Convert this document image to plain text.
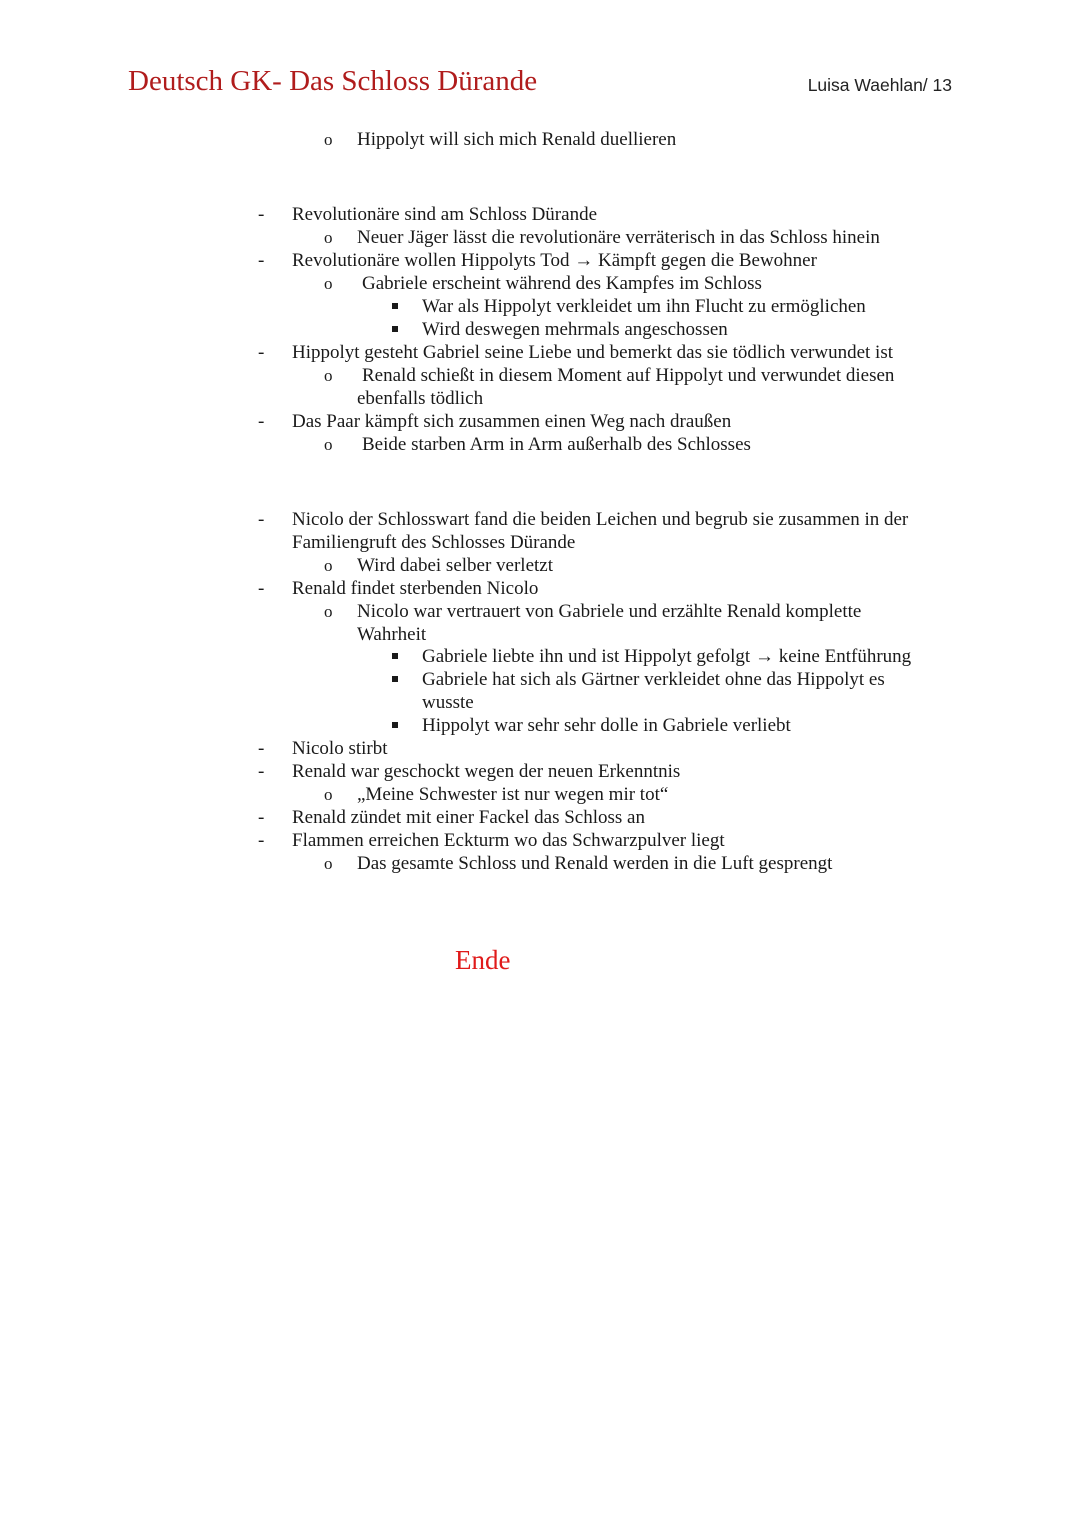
Deutsch GK- Das Schloss Dürande	Luisa Waehlan/ 13
o Hippolyt will sich mich Renald duellieren
- Revolutionäre sind am Schloss Dürande
o Neuer Jäger lässt die revolutionäre verräterisch in das Schloss hinein
- Revolutionäre wollen Hippolyts Tod → Kämpft gegen die Bewohner
o Gabriele erscheint während des Kampfes im Schloss
War als Hippolyt verkleidet um ihn Flucht zu ermöglichen
Wird deswegen mehrmals angeschossen
- Hippolyt gesteht Gabriel seine Liebe und bemerkt das sie tödlich verwundet ist
o Renald schießt in diesem Moment auf Hippolyt und verwundet diesen
ebenfalls tödlich
- Das Paar kämpft sich zusammen einen Weg nach draußen
o Beide starben Arm in Arm außerhalb des Schlosses
- Nicolo der Schlosswart fand die beiden Leichen und begrub sie zusammen in der
Familiengruft des Schlosses Dürande
o Wird dabei selber verletzt
- Renald findet sterbenden Nicolo
o Nicolo war vertrauert von Gabriele und erzählte Renald komplette
Wahrheit
Gabriele liebte ihn und ist Hippolyt gefolgt → keine Entführung
Gabriele hat sich als Gärtner verkleidet ohne das Hippolyt es
wusste
Hippolyt war sehr sehr dolle in Gabriele verliebt
- Nicolo stirbt
- Renald war geschockt wegen der neuen Erkenntnis
o „Meine Schwester ist nur wegen mir tot“
- Renald zündet mit einer Fackel das Schloss an
- Flammen erreichen Eckturm wo das Schwarzpulver liegt
o Das gesamte Schloss und Renald werden in die Luft gesprengt
Ende
